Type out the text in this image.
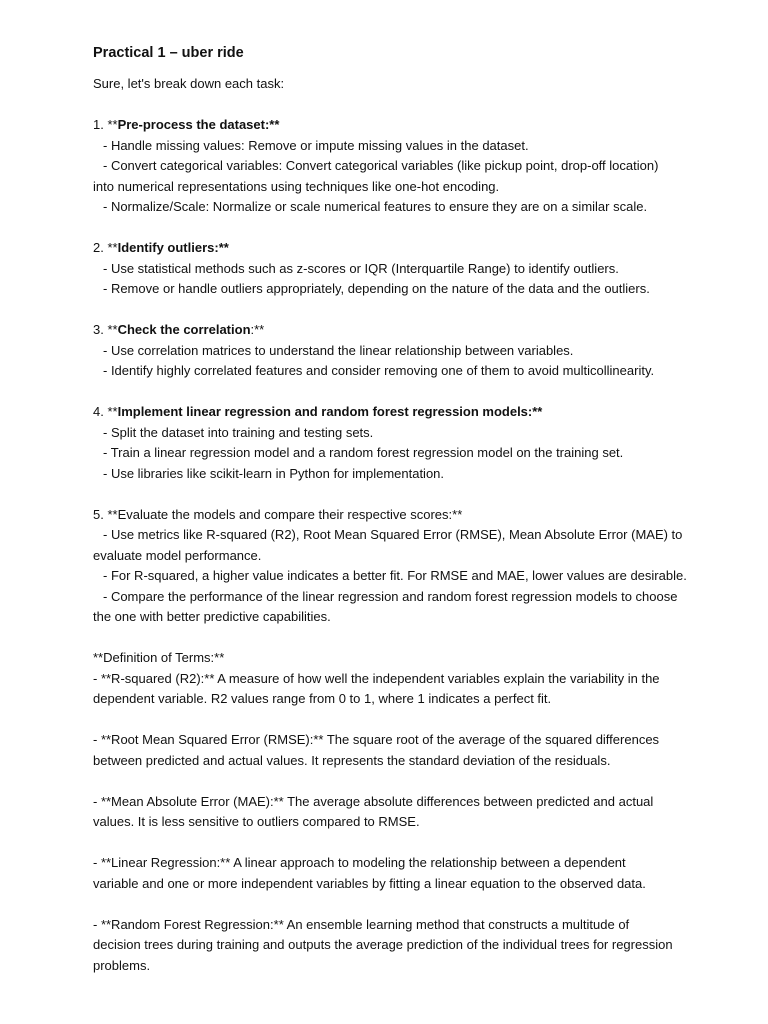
Practical 1 – uber ride
Sure, let's break down each task:
1. **Pre-process the dataset:**
- Handle missing values: Remove or impute missing values in the dataset.
- Convert categorical variables: Convert categorical variables (like pickup point, drop-off location)
into numerical representations using techniques like one-hot encoding.
- Normalize/Scale: Normalize or scale numerical features to ensure they are on a similar scale.
2. **Identify outliers:**
- Use statistical methods such as z-scores or IQR (Interquartile Range) to identify outliers.
- Remove or handle outliers appropriately, depending on the nature of the data and the outliers.
3. **Check the correlation:**
- Use correlation matrices to understand the linear relationship between variables.
- Identify highly correlated features and consider removing one of them to avoid multicollinearity.
4. **Implement linear regression and random forest regression models:**
- Split the dataset into training and testing sets.
- Train a linear regression model and a random forest regression model on the training set.
- Use libraries like scikit-learn in Python for implementation.
5. **Evaluate the models and compare their respective scores:**
- Use metrics like R-squared (R2), Root Mean Squared Error (RMSE), Mean Absolute Error (MAE) to
evaluate model performance.
- For R-squared, a higher value indicates a better fit. For RMSE and MAE, lower values are desirable.
- Compare the performance of the linear regression and random forest regression models to choose
the one with better predictive capabilities.
**Definition of Terms:**
- **R-squared (R2):** A measure of how well the independent variables explain the variability in the
dependent variable. R2 values range from 0 to 1, where 1 indicates a perfect fit.
- **Root Mean Squared Error (RMSE):** The square root of the average of the squared differences
between predicted and actual values. It represents the standard deviation of the residuals.
- **Mean Absolute Error (MAE):** The average absolute differences between predicted and actual
values. It is less sensitive to outliers compared to RMSE.
- **Linear Regression:** A linear approach to modeling the relationship between a dependent
variable and one or more independent variables by fitting a linear equation to the observed data.
- **Random Forest Regression:** An ensemble learning method that constructs a multitude of
decision trees during training and outputs the average prediction of the individual trees for regression
problems.
